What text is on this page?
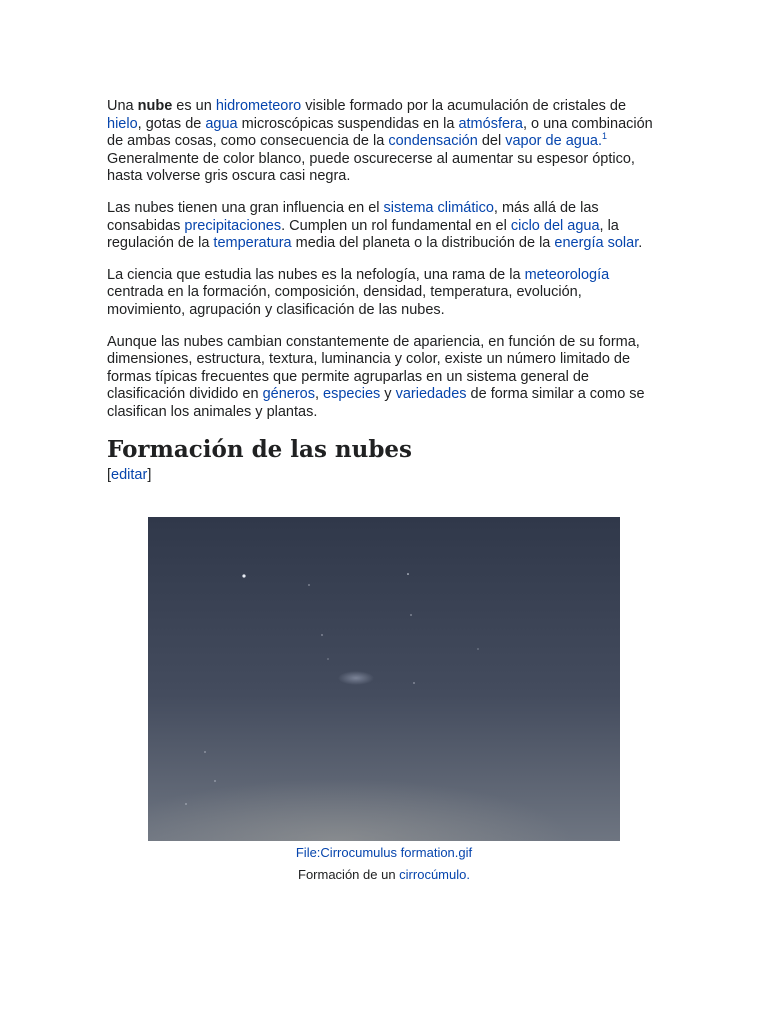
Una nube es un hidrometeoro visible formado por la acumulación de cristales de hielo, gotas de agua microscópicas suspendidas en la atmósfera, o una combinación de ambas cosas, como consecuencia de la condensación del vapor de agua.$^1$ Generalmente de color blanco, puede oscurecerse al aumentar su espesor óptico, hasta volverse gris oscura casi negra.

Las nubes tienen una gran influencia en el sistema climático, más allá de las consabidas precipitaciones. Cumplen un rol fundamental en el ciclo del agua, la regulación de la temperatura media del planeta o la distribución de la energía solar.

La ciencia que estudia las nubes es la nefología, una rama de la meteorología centrada en la formación, composición, densidad, temperatura, evolución, movimiento, agrupación y clasificación de las nubes.

Aunque las nubes cambian constantemente de apariencia, en función de su forma, dimensiones, estructura, textura, luminancia y color, existe un número limitado de formas típicas frecuentes que permite agruparlas en un sistema general de clasificación dividido en géneros, especies y variedades de forma similar a como se clasifican los animales y plantas.

Formación de las nubes
[editar]
File:Cirrocumulus formation.gif
Formación de un cirrocúmulo.
